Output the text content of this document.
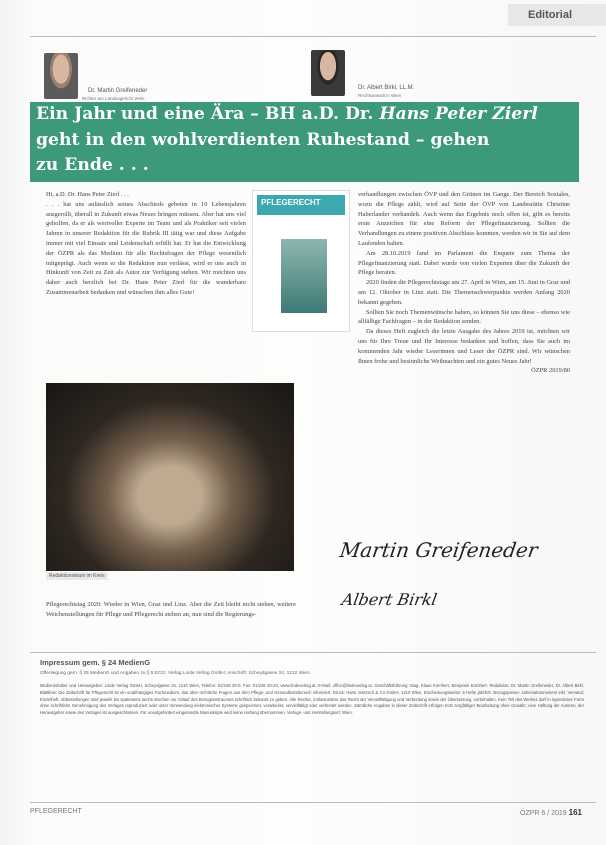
Editorial
Dr. Martin Greifeneder
Richter am Landesgericht Wels
Dr. Albert Birkl, LL.M.
Rechtsanwalt in Wien
Ein Jahr und eine Ära – BH a.D. Dr. Hans Peter Zierl
geht in den wohlverdienten Ruhestand – gehen
zu Ende . . .

Hi, a.D. Dr. Hans Peter Zierl . . .

. . . hat uns anlässlich seines Abschieds gebeten in 10 Lebensjahren ausgerollt, überall in Zukunft etwas Neues bringen müssen. Aber hat uns viel geholfen, da er als wertvoller Experte im Team und als Praktiker seit vielen Jahren in unserer Redaktion für die Rubrik III tätig war und diese Aufgabe immer mit viel Einsatz und Leidenschaft erfüllt hat. Er hat die Entwicklung der ÖZPR als das Medium für alle Rechtsfragen der Pflege wesentlich mitgeprägt. Auch wenn er die Redaktion nun verlässt, wird er uns auch in Hinkunft von Zeit zu Zeit als Autor zur Verfügung stehen. Wir möchten uns daher auch herzlich bei Dr. Hans Peter Zierl für die wunderbare Zusammenarbeit bedanken und wünschen ihm alles Gute!

PFLEGERECHT

verhandlungen zwischen ÖVP und den Grünen im Gange. Der Bereich Soziales, wozu die Pflege zählt, wird auf Seite der ÖVP von Landesrätin Christine Haberlander verhandelt. Auch wenn das Ergebnis noch offen ist, gibt es bereits erste Anzeichen für eine Reform der Pflegefinanzierung. Sollten die Verhandlungen zu einem positiven Abschluss kommen, werden wir in Sie auf dem Laufenden halten.

Am 28.10.2019 fand im Parlament die Enquete zum Thema der Pflegefinanzierung statt. Dabei wurde von vielen Experten über die Zukunft der Pflege beraten.

2020 finden die Pflegerechtstage am 27. April in Wien, am 15. Juni in Graz und am 12. Oktober in Linz statt. Die Themenschwerpunkte werden Anfang 2020 bekannt gegeben.

Sollten Sie noch Themenwünsche haben, so können Sie uns diese – ebenso wie allfällige Fachfragen – in der Redaktion senden.

Da dieses Heft zugleich die letzte Ausgabe des Jahres 2019 ist, möchten wir uns für Ihre Treue und Ihr Interesse bedanken und hoffen, dass Sie auch im kommenden Jahr wieder Leserinnen und Leser der ÖZPR sind. Wir wünschen Ihnen frohe und besinnliche Weihnachten und ein gutes Neues Jahr!

ÖZPR 2019/80

Redaktionsteam im Kreis
Pflegerechtstag 2020: Wieder in Wien, Graz und Linz. Aber die Zeit bleibt nicht stehen, weitere Weichenstellungen für Pflege und Pflegerecht stehen an, nun sind die Regierungs-
Martin Greifeneder
Albert Birkl
Impressum gem. § 24 MedienG
Offenlegung gem. § 25 MedienG und Angaben zu § 5 ECG: Verlag Linde Verlag GmbH; Anschrift: Scheydgasse 24, 1210 Wien.
Medieninhaber und Herausgeber: Linde Verlag GmbH, Scheydgasse 24, 1210 Wien, Telefon: 01/246 30-0, Fax: 01/246 30-23, www.lindeverlag.at, E-Mail: office@lindeverlag.at. Geschäftsführung: Mag. Klaus Kornherr, Benjamin Kornherr. Redaktion: Dr. Martin Greifeneder, Dr. Albert Birkl. Blattlinie: Die Zeitschrift für Pflegerecht ist ein unabhängiges Fachmedium, das über rechtliche Fragen aus dem Pflege- und Gesundheitsbereich informiert. Druck: Hans Jentzsch & Co GmbH, 1210 Wien. Erscheinungsweise: 6 Hefte jährlich. Bezugspreise: Jahresabonnement inkl. Versand; Einzelheft. Abbestellungen sind jeweils bis spätestens sechs Wochen vor Ablauf des Bezugszeitraumes schriftlich bekannt zu geben. Alle Rechte, insbesondere das Recht der Vervielfältigung und Verbreitung sowie der Übersetzung, vorbehalten. Kein Teil des Werkes darf in irgendeiner Form ohne schriftliche Genehmigung des Verlages reproduziert oder unter Verwendung elektronischer Systeme gespeichert, verarbeitet, vervielfältigt oder verbreitet werden. Sämtliche Angaben in dieser Zeitschrift erfolgen trotz sorgfältiger Bearbeitung ohne Gewähr; eine Haftung der Autoren, der Herausgeber sowie des Verlages ist ausgeschlossen. Für unaufgefordert eingesandte Manuskripte wird keine Haftung übernommen. Verlags- und Herstellungsort: Wien.
PFLEGERECHT	ÖZPR 6 / 2019 161
